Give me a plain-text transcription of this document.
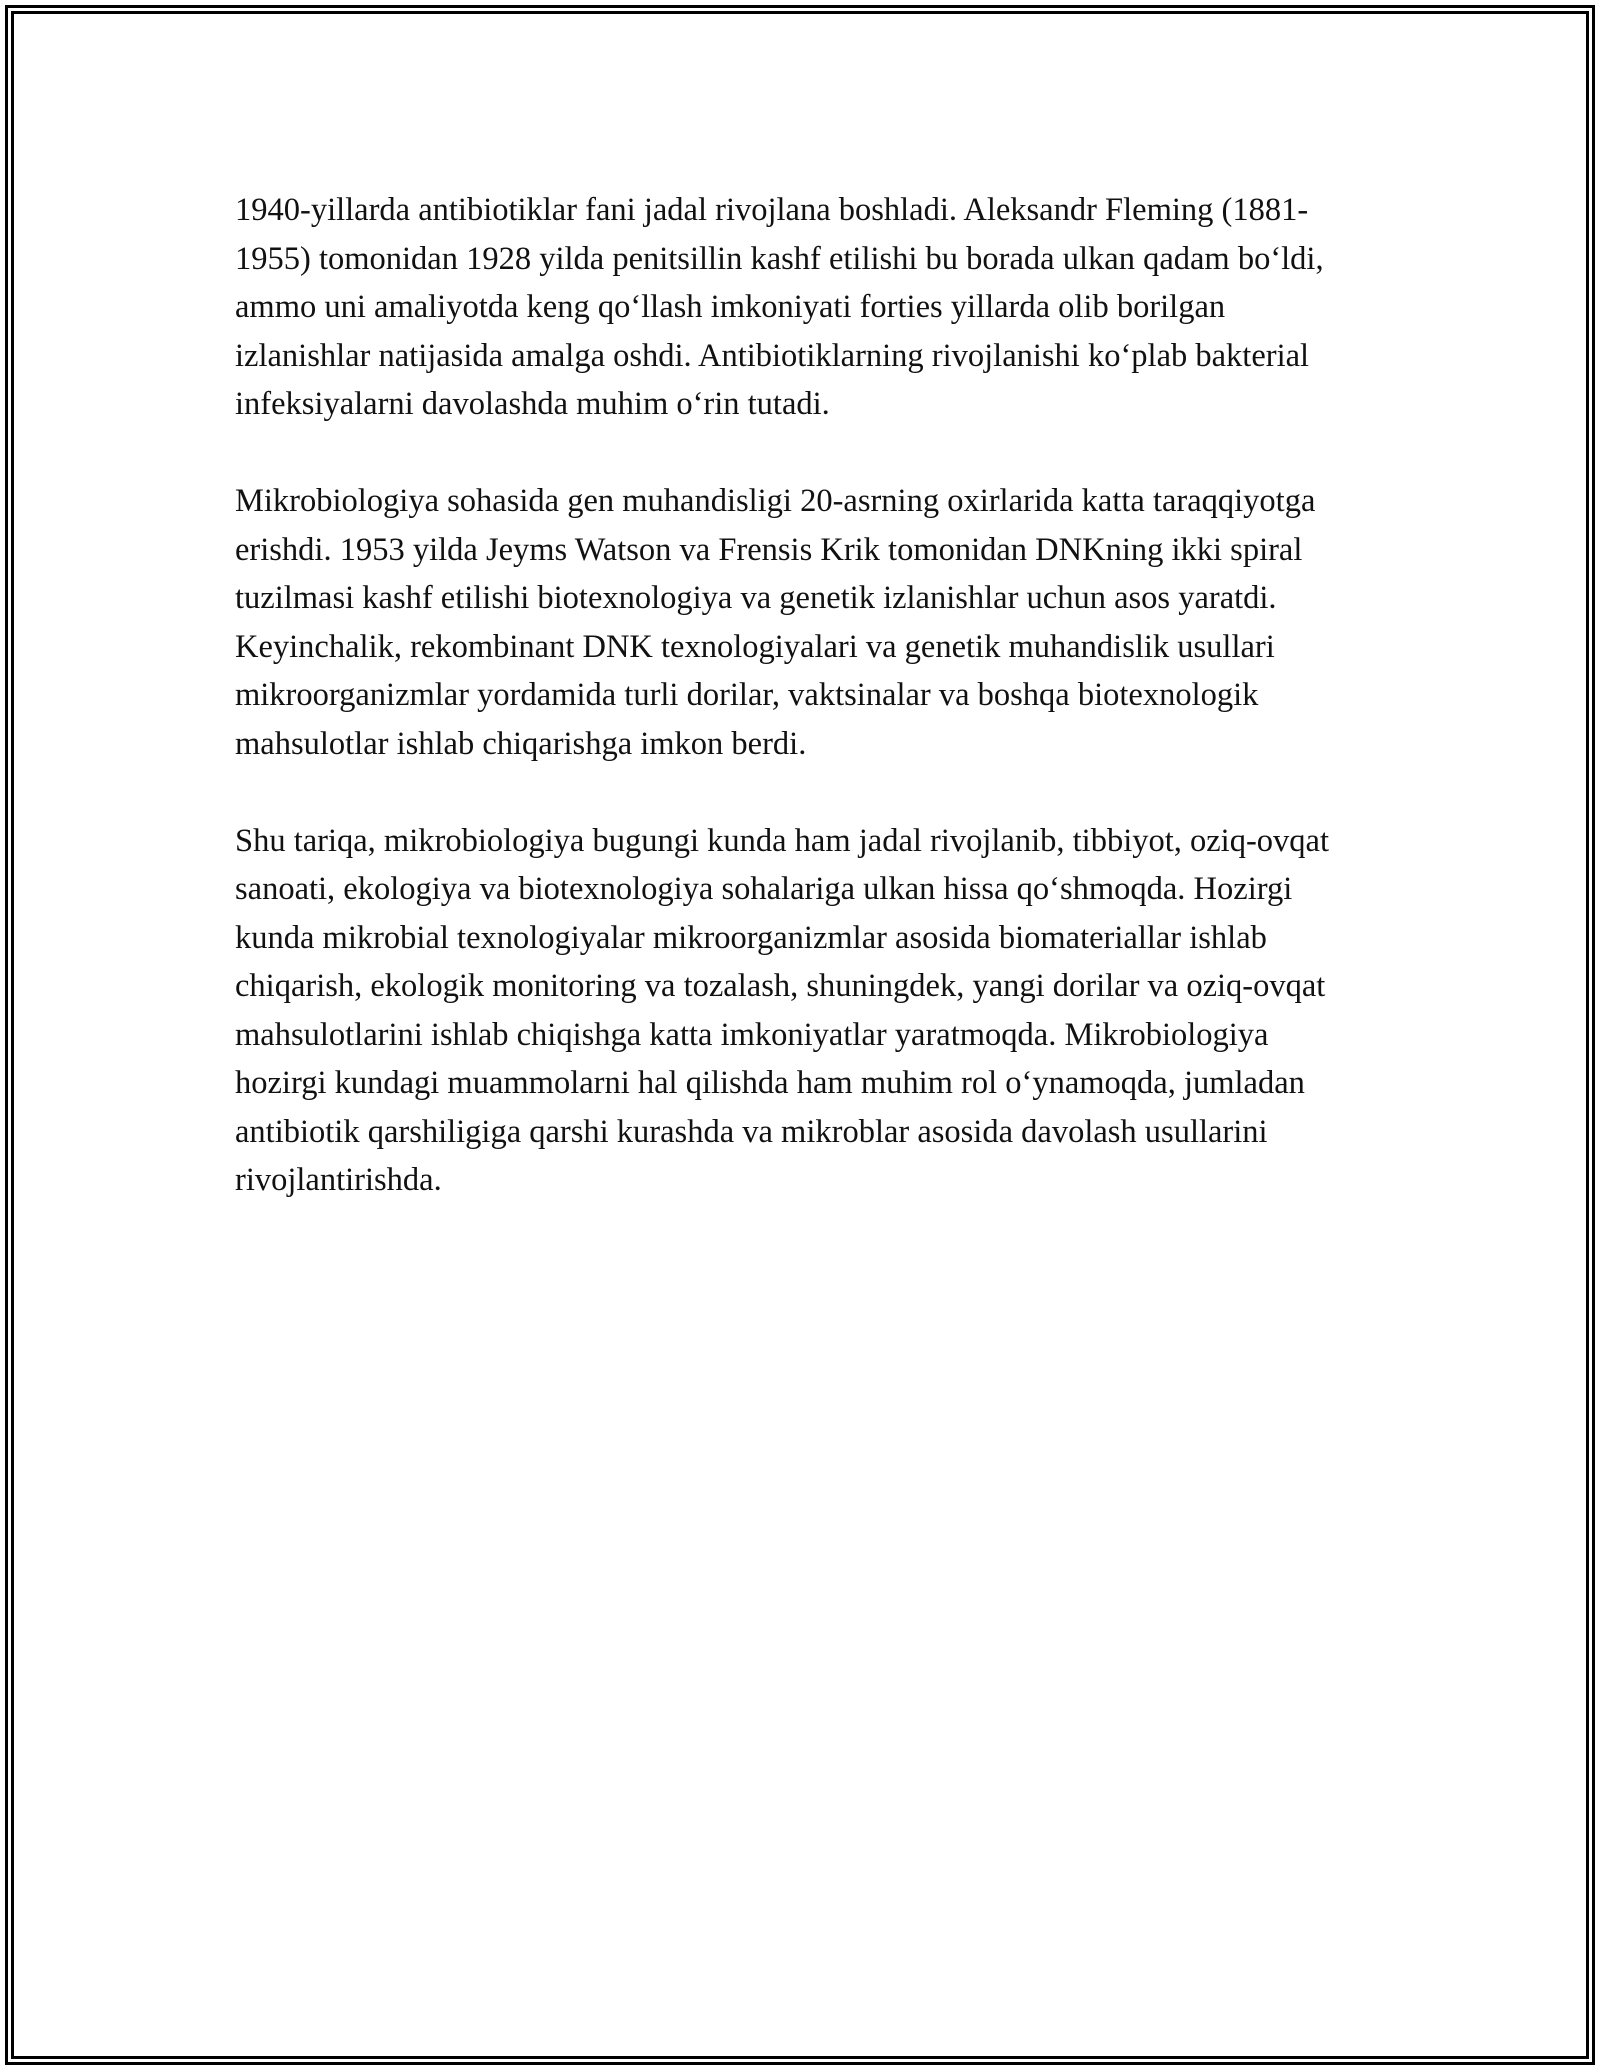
1940-yillarda antibiotiklar fani jadal rivojlana boshladi. Aleksandr Fleming (1881-1955) tomonidan 1928 yilda penitsillin kashf etilishi bu borada ulkan qadam bo‘ldi, ammo uni amaliyotda keng qo‘llash imkoniyati forties yillarda olib borilgan izlanishlar natijasida amalga oshdi. Antibiotiklarning rivojlanishi ko‘plab bakterial infeksiyalarni davolashda muhim o‘rin tutadi.

Mikrobiologiya sohasida gen muhandisligi 20-asrning oxirlarida katta taraqqiyotga erishdi. 1953 yilda Jeyms Watson va Frensis Krik tomonidan DNKning ikki spiral tuzilmasi kashf etilishi biotexnologiya va genetik izlanishlar uchun asos yaratdi. Keyinchalik, rekombinant DNK texnologiyalari va genetik muhandislik usullari mikroorganizmlar yordamida turli dorilar, vaktsinalar va boshqa biotexnologik mahsulotlar ishlab chiqarishga imkon berdi.

Shu tariqa, mikrobiologiya bugungi kunda ham jadal rivojlanib, tibbiyot, oziq-ovqat sanoati, ekologiya va biotexnologiya sohalariga ulkan hissa qo‘shmoqda. Hozirgi kunda mikrobial texnologiyalar mikroorganizmlar asosida biomateriallar ishlab chiqarish, ekologik monitoring va tozalash, shuningdek, yangi dorilar va oziq-ovqat mahsulotlarini ishlab chiqishga katta imkoniyatlar yaratmoqda. Mikrobiologiya hozirgi kundagi muammolarni hal qilishda ham muhim rol o‘ynamoqda, jumladan antibiotik qarshiligiga qarshi kurashda va mikroblar asosida davolash usullarini rivojlantirishda.
